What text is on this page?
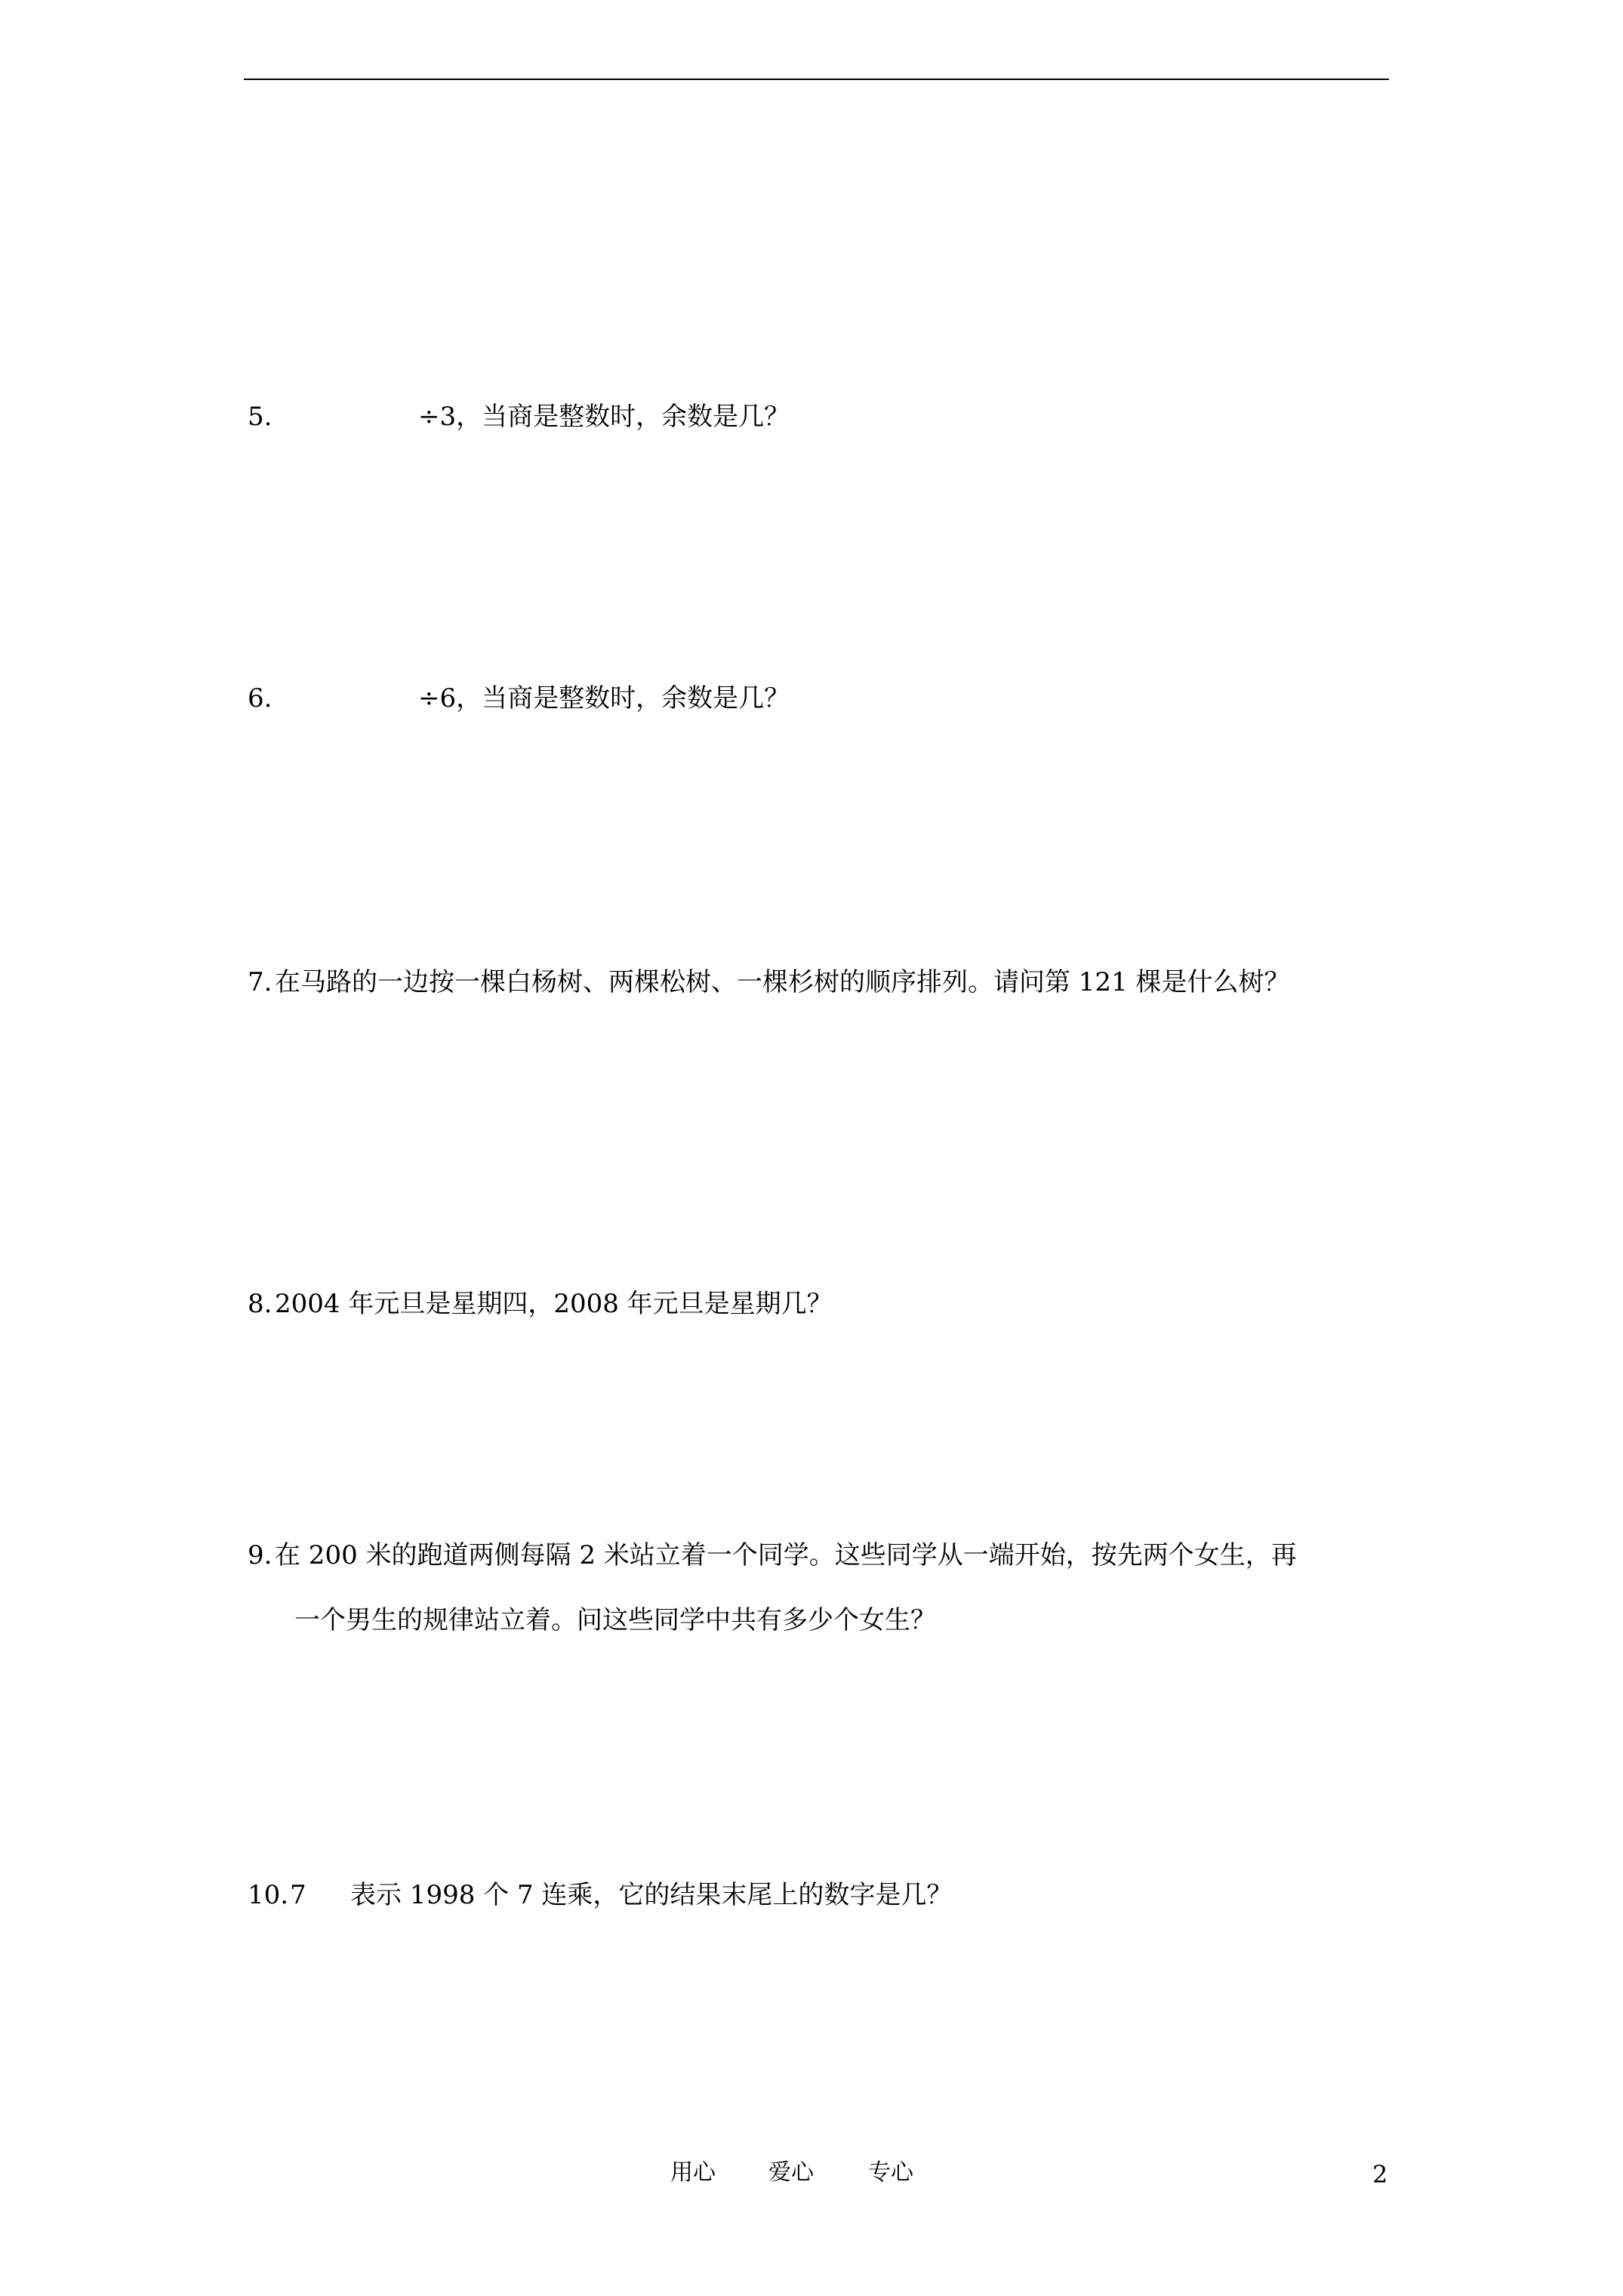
5.	÷3，当商是整数时，余数是几？
6.	÷6，当商是整数时，余数是几？
7. 在马路的一边按一棵白杨树、两棵松树、一棵杉树的顺序排列。请问第 121 棵是什么树？
8. 2004 年元旦是星期四，2008 年元旦是星期几？
9. 在 200 米的跑道两侧每隔 2 米站立着一个同学。这些同学从一端开始，按先两个女生，再
一个男生的规律站立着。问这些同学中共有多少个女生？
10. 7 表示 1998 个 7 连乘，它的结果末尾上的数字是几？
用心 爱心 专心	2
